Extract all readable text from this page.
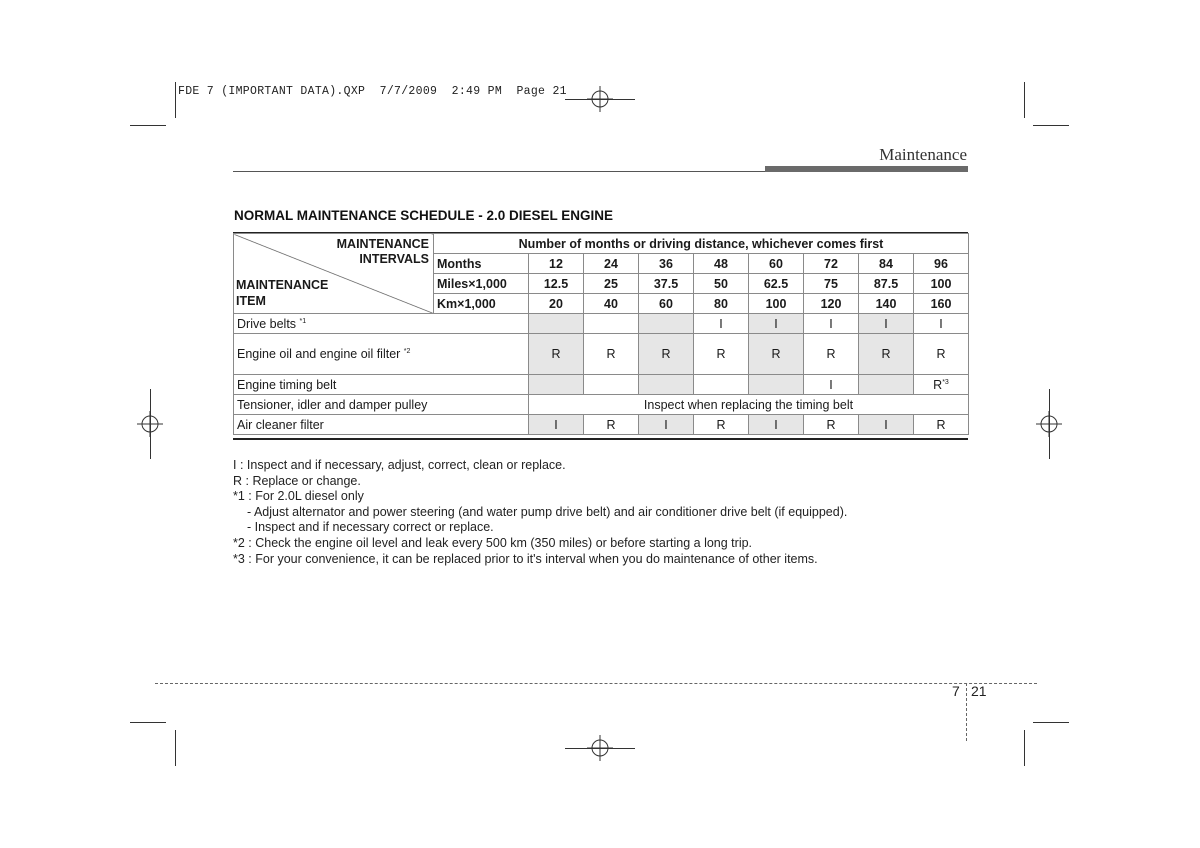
FDE 7 (IMPORTANT DATA).QXP  7/7/2009  2:49 PM  Page 21
Maintenance
NORMAL MAINTENANCE SCHEDULE - 2.0 DIESEL ENGINE
MAINTENANCE
INTERVALS
MAINTENANCE
ITEM	Number of months or driving distance, whichever comes first								
	Months	12	24	36	48	60	72	84	96
	Miles×1,000	12.5	25	37.5	50	62.5	75	87.5	100
	Km×1,000	20	40	60	80	100	120	140	160
Drive belts $^{*1}$					I	I	I	I	I
Engine oil and engine oil filter $^{*2}$		R	R	R	R	R	R	R	R
Engine timing belt							I		$R^{*3}$
Tensioner, idler and damper pulley		Inspect when replacing the timing belt							
Air cleaner filter		I	R	I	R	I	R	I	R
I : Inspect and if necessary, adjust, correct, clean or replace.
R : Replace or change.
*1 : For 2.0L diesel only
- Adjust alternator and power steering (and water pump drive belt) and air conditioner drive belt (if equipped).
- Inspect and if necessary correct or replace.
*2 : Check the engine oil level and leak every 500 km (350 miles) or before starting a long trip.
*3 : For your convenience, it can be replaced prior to it's interval when you do maintenance of other items.
7 21
